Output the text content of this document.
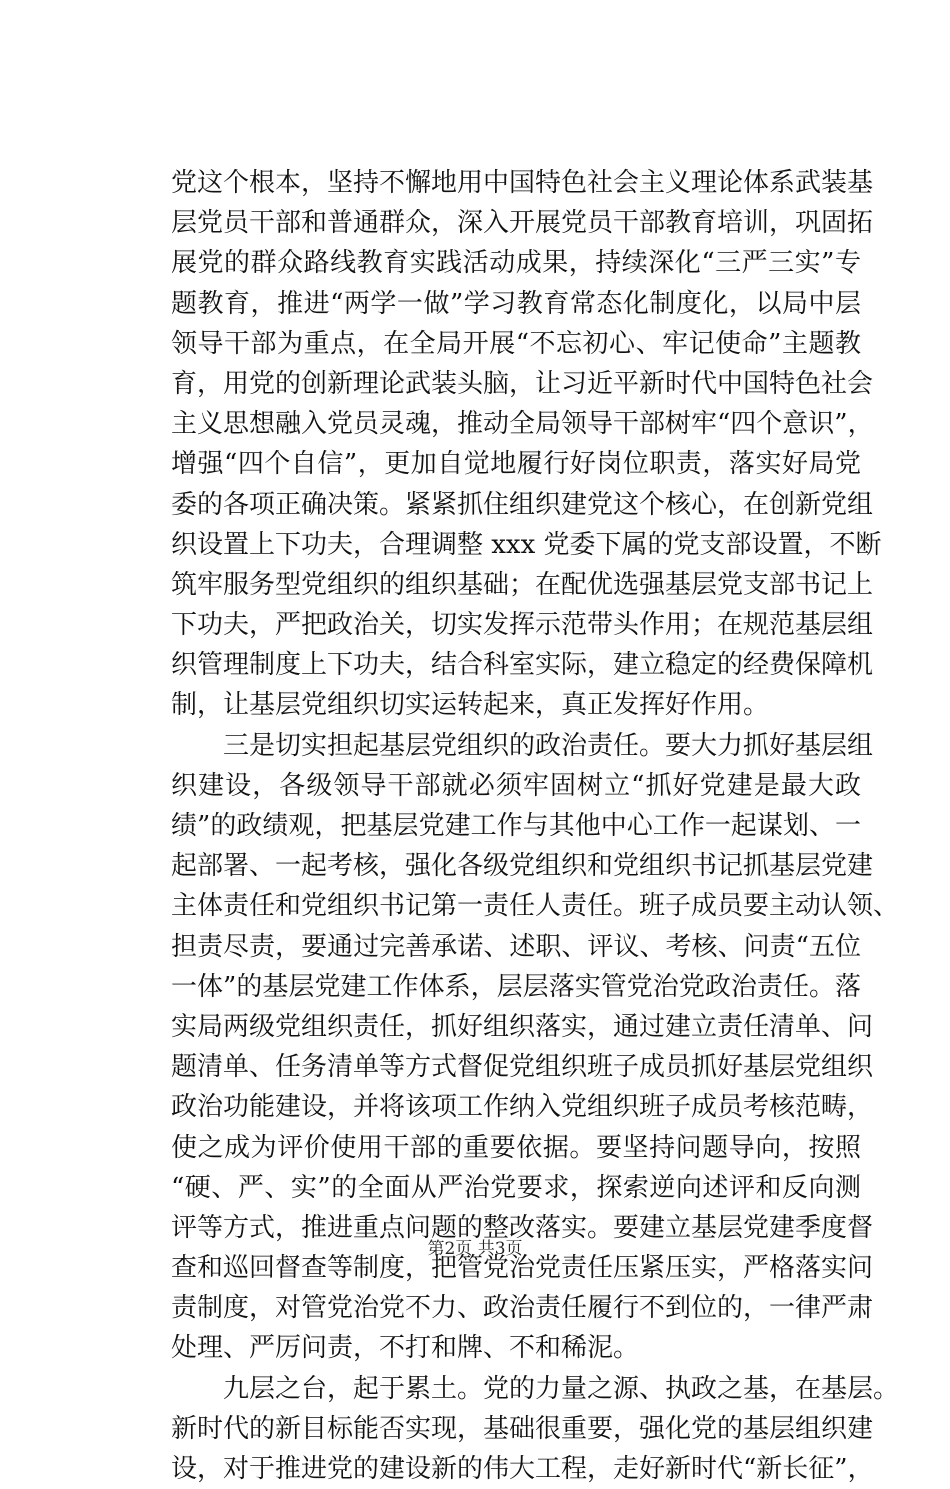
党这个根本，坚持不懈地用中国特色社会主义理论体系武装基
层党员干部和普通群众，深入开展党员干部教育培训，巩固拓
展党的群众路线教育实践活动成果，持续深化“三严三实”专
题教育，推进“两学一做”学习教育常态化制度化，以局中层
领导干部为重点，在全局开展“不忘初心、牢记使命”主题教
育，用党的创新理论武装头脑，让习近平新时代中国特色社会
主义思想融入党员灵魂，推动全局领导干部树牢“四个意识”，
增强“四个自信”，更加自觉地履行好岗位职责，落实好局党
委的各项正确决策。紧紧抓住组织建党这个核心，在创新党组
织设置上下功夫，合理调整 xxx 党委下属的党支部设置，不断
筑牢服务型党组织的组织基础；在配优选强基层党支部书记上
下功夫，严把政治关，切实发挥示范带头作用；在规范基层组
织管理制度上下功夫，结合科室实际，建立稳定的经费保障机
制，让基层党组织切实运转起来，真正发挥好作用。
三是切实担起基层党组织的政治责任。要大力抓好基层组
织建设，各级领导干部就必须牢固树立“抓好党建是最大政
绩”的政绩观，把基层党建工作与其他中心工作一起谋划、一
起部署、一起考核，强化各级党组织和党组织书记抓基层党建
主体责任和党组织书记第一责任人责任。班子成员要主动认领、
担责尽责，要通过完善承诺、述职、评议、考核、问责“五位
一体”的基层党建工作体系，层层落实管党治党政治责任。落
实局两级党组织责任，抓好组织落实，通过建立责任清单、问
题清单、任务清单等方式督促党组织班子成员抓好基层党组织
政治功能建设，并将该项工作纳入党组织班子成员考核范畴，
使之成为评价使用干部的重要依据。要坚持问题导向，按照
“硬、严、实”的全面从严治党要求，探索逆向述评和反向测
评等方式，推进重点问题的整改落实。要建立基层党建季度督
查和巡回督查等制度，把管党治党责任压紧压实，严格落实问
责制度，对管党治党不力、政治责任履行不到位的，一律严肃
处理、严厉问责，不打和牌、不和稀泥。
九层之台，起于累土。党的力量之源、执政之基，在基层。
新时代的新目标能否实现，基础很重要，强化党的基层组织建
设，对于推进党的建设新的伟大工程，走好新时代“新长征”，
第2页 共3页
